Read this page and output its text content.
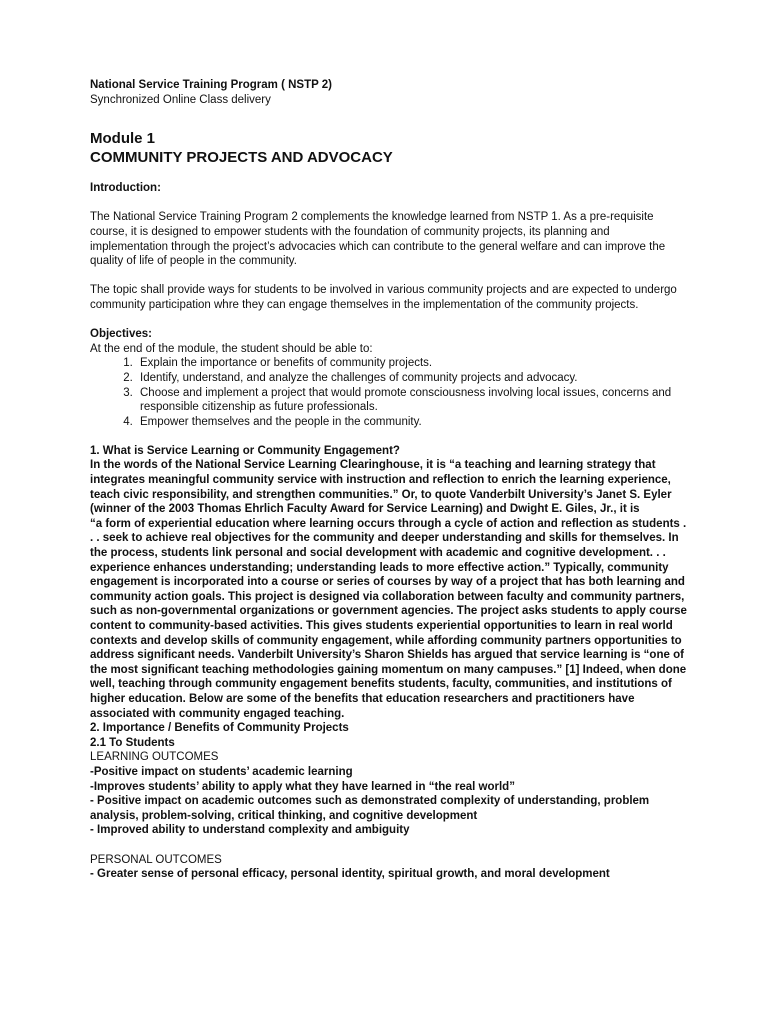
National Service Training Program ( NSTP 2)
Synchronized Online Class delivery
Module 1
COMMUNITY PROJECTS AND ADVOCACY

Introduction:

The National Service Training Program 2 complements the knowledge learned from NSTP 1. As a pre-requisite course, it is designed to empower students with the foundation of community projects, its planning and implementation through the project’s advocacies which can contribute to the general welfare and can improve the quality of life of people in the community.

The topic shall provide ways for students to be involved in various community projects and are expected to undergo community participation whre they can engage themselves in the implementation of the community projects.

Objectives:

At the end of the module, the student should be able to:

1. Explain the importance or benefits of community projects.
2. Identify, understand, and analyze the challenges of community projects and advocacy.
3. Choose and implement a project that would promote consciousness involving local issues, concerns and responsible citizenship as future professionals.
4. Empower themselves and the people in the community.

1. What is Service Learning or Community Engagement?

In the words of the National Service Learning Clearinghouse, it is “a teaching and learning strategy that integrates meaningful community service with instruction and reflection to enrich the learning experience, teach civic responsibility, and strengthen communities.” Or, to quote Vanderbilt University’s Janet S. Eyler (winner of the 2003 Thomas Ehrlich Faculty Award for Service Learning) and Dwight E. Giles, Jr., it is

“a form of experiential education where learning occurs through a cycle of action and reflection as students . . . seek to achieve real objectives for the community and deeper understanding and skills for themselves. In the process, students link personal and social development with academic and cognitive development. . . experience enhances understanding; understanding leads to more effective action.” Typically, community engagement is incorporated into a course or series of courses by way of a project that has both learning and community action goals. This project is designed via collaboration between faculty and community partners, such as non-governmental organizations or government agencies. The project asks students to apply course content to community-based activities. This gives students experiential opportunities to learn in real world contexts and develop skills of community engagement, while affording community partners opportunities to address significant needs. Vanderbilt University’s Sharon Shields has argued that service learning is “one of the most significant teaching methodologies gaining momentum on many campuses.” [1] Indeed, when done well, teaching through community engagement benefits students, faculty, communities, and institutions of higher education. Below are some of the benefits that education researchers and practitioners have associated with community engaged teaching.

2. Importance / Benefits of Community Projects

2.1 To Students

LEARNING OUTCOMES

-Positive impact on students’ academic learning

-Improves students’ ability to apply what they have learned in “the real world”

- Positive impact on academic outcomes such as demonstrated complexity of understanding, problem analysis, problem-solving, critical thinking, and cognitive development

- Improved ability to understand complexity and ambiguity

PERSONAL OUTCOMES

- Greater sense of personal efficacy, personal identity, spiritual growth, and moral development
